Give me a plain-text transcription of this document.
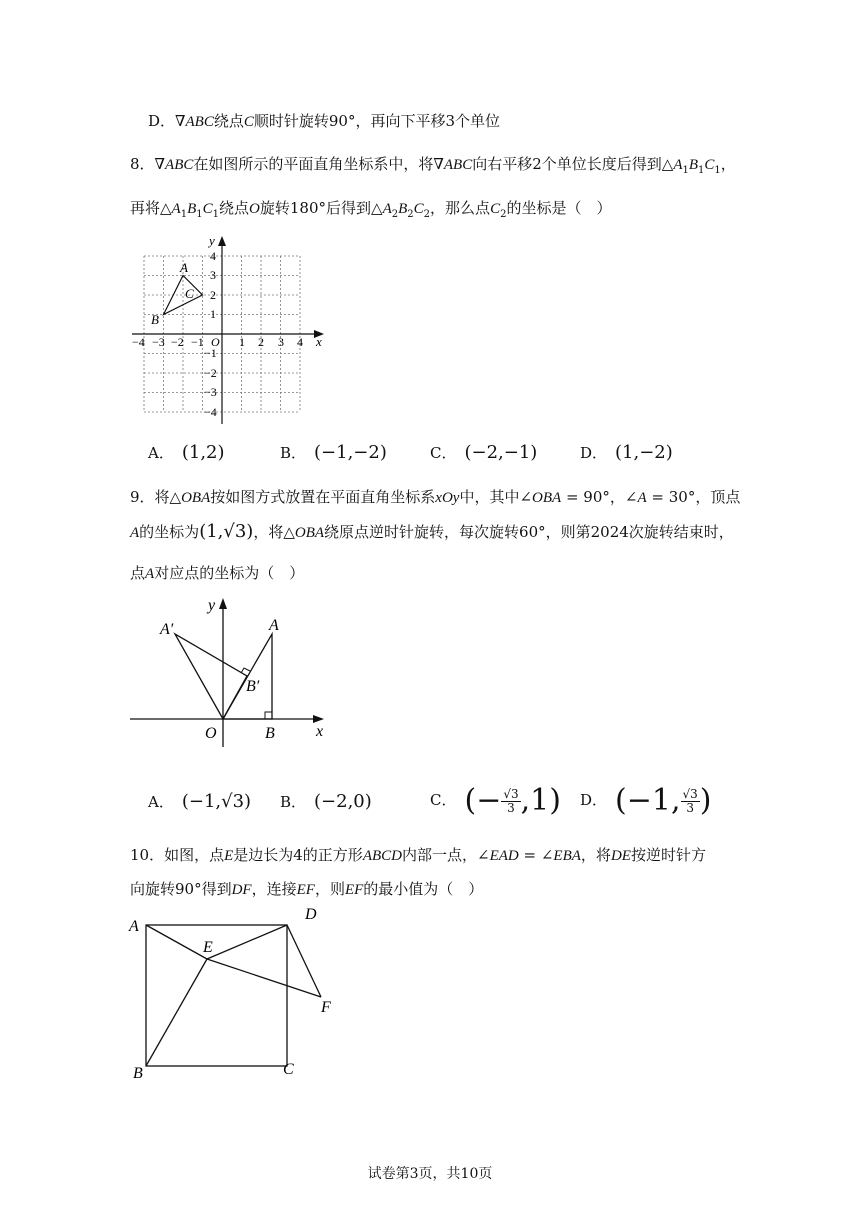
D．∇ABC绕点C顺时针旋转90°，再向下平移3个单位
8．∇ABC在如图所示的平面直角坐标系中，将∇ABC向右平移2个单位长度后得到$\triangle A_1B_1C_1$，
再将$\triangle A_1B_1C_1$绕点O旋转180°后得到$\triangle A_2B_2C_2$，那么点$C_2$的坐标是（　）
y
x
−4 −3 −2 −1 O 1 2 3 4
4
3
2
1
−1
−2
−3
−4
A
B
C
A． (1,2)	B． (−1,−2)	C． (−2,−1)	D． (1,−2)
9．将△OBA按如图方式放置在平面直角坐标系xOy中，其中∠OBA = 90°，∠A = 30°，顶点
A的坐标为(1,√3)，将△OBA绕原点逆时针旋转，每次旋转60°，则第2024次旋转结束时，
点A对应点的坐标为（　）
y
x
A′	A
B′
O	B
A． (−1,√3) B． (−2,0)	C． (− $\frac{√3}{3} ,1$) D． (−1, $\frac{√3}{3}$ )
10．如图，点E是边长为4的正方形ABCD内部一点，∠EAD = ∠EBA，将DE按逆时针方
向旋转90°得到DF，连接EF，则EF的最小值为（　）
A
D
E
F
B	C
试卷第3页，共10页
